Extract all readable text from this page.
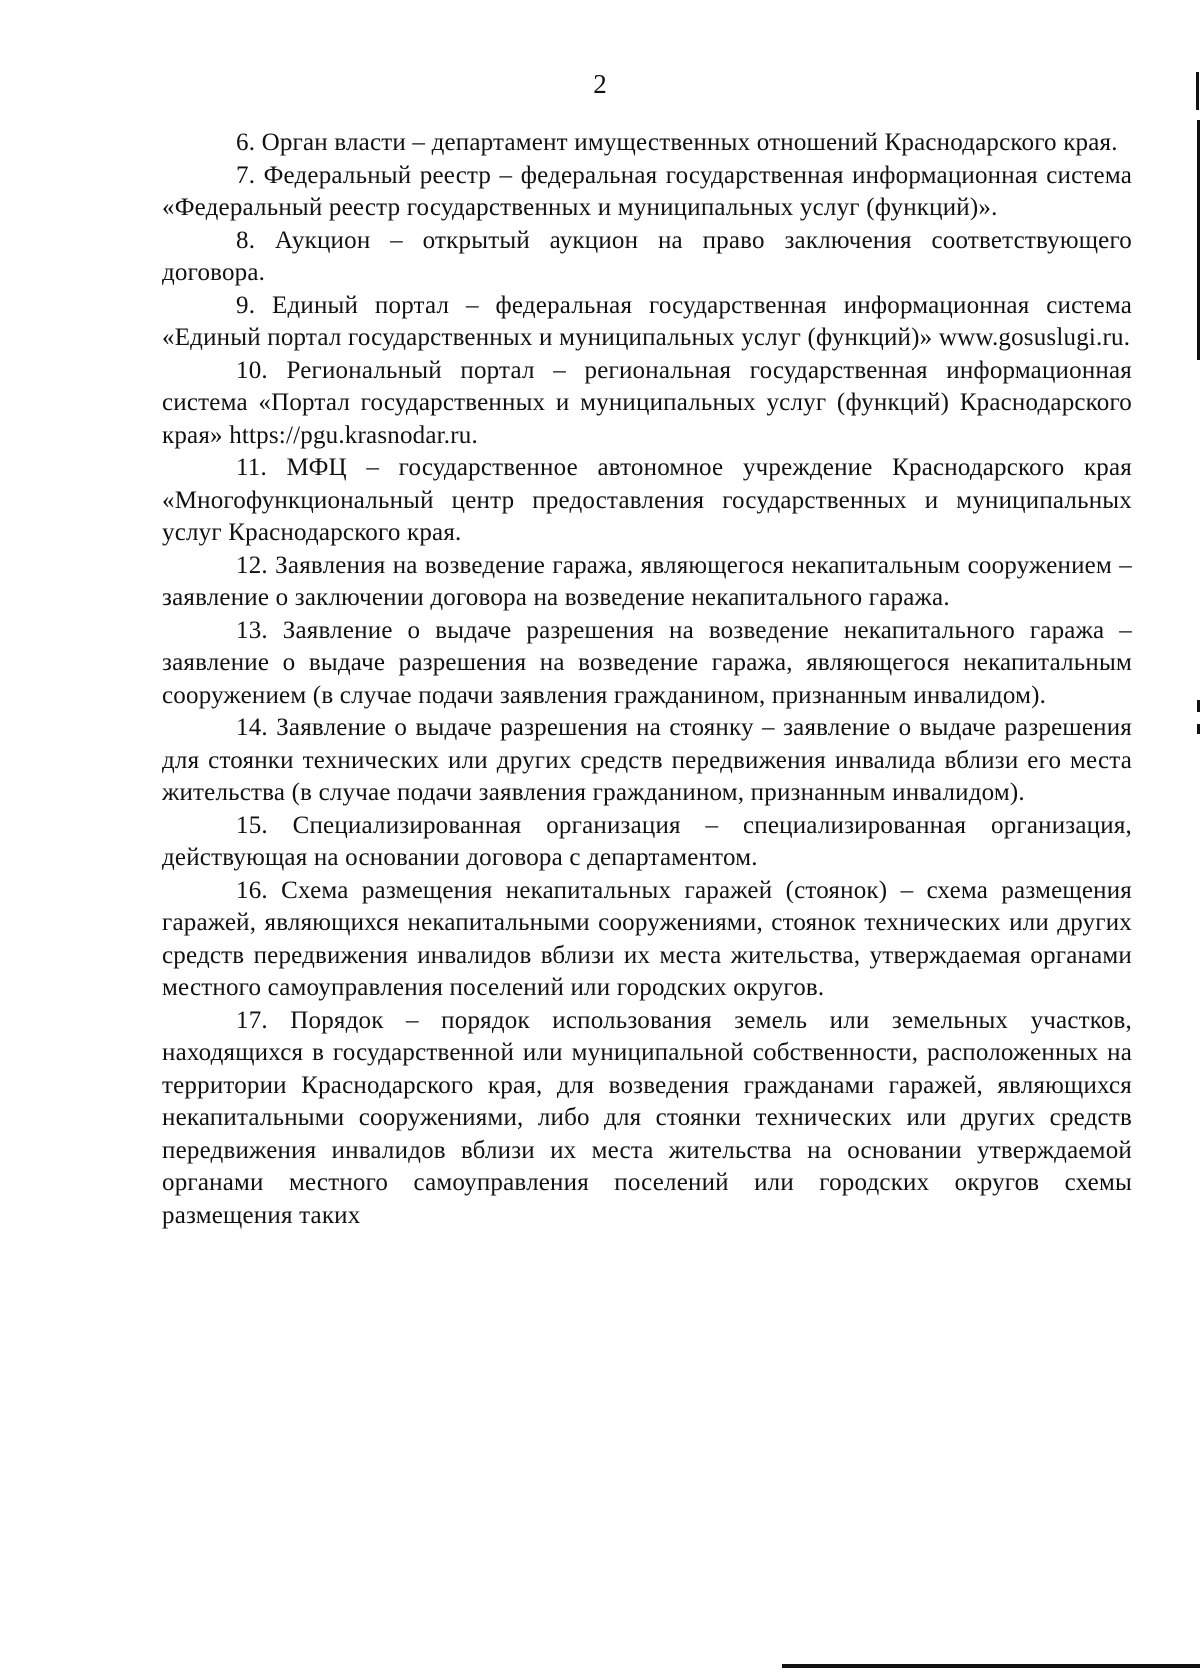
2

6. Орган власти – департамент имущественных отношений Краснодарского края.

7. Федеральный реестр – федеральная государственная информационная система «Федеральный реестр государственных и муниципальных услуг (функций)».

8. Аукцион – открытый аукцион на право заключения соответствующего договора.

9. Единый портал – федеральная государственная информационная система «Единый портал государственных и муниципальных услуг (функций)» www.gosuslugi.ru.

10. Региональный портал – региональная государственная информационная система «Портал государственных и муниципальных услуг (функций) Краснодарского края» https://pgu.krasnodar.ru.

11. МФЦ – государственное автономное учреждение Краснодарского края «Многофункциональный центр предоставления государственных и муниципальных услуг Краснодарского края.

12. Заявления на возведение гаража, являющегося некапитальным сооружением – заявление о заключении договора на возведение некапитального гаража.

13. Заявление о выдаче разрешения на возведение некапитального гаража – заявление о выдаче разрешения на возведение гаража, являющегося некапитальным сооружением (в случае подачи заявления гражданином, признанным инвалидом).

14. Заявление о выдаче разрешения на стоянку – заявление о выдаче разрешения для стоянки технических или других средств передвижения инвалида вблизи его места жительства (в случае подачи заявления гражданином, признанным инвалидом).

15. Специализированная организация – специализированная организация, действующая на основании договора с департаментом.

16. Схема размещения некапитальных гаражей (стоянок) – схема размещения гаражей, являющихся некапитальными сооружениями, стоянок технических или других средств передвижения инвалидов вблизи их места жительства, утверждаемая органами местного самоуправления поселений или городских округов.

17. Порядок – порядок использования земель или земельных участков, находящихся в государственной или муниципальной собственности, расположенных на территории Краснодарского края, для возведения гражданами гаражей, являющихся некапитальными сооружениями, либо для стоянки технических или других средств передвижения инвалидов вблизи их места жительства на основании утверждаемой органами местного самоуправления поселений или городских округов схемы размещения таких
